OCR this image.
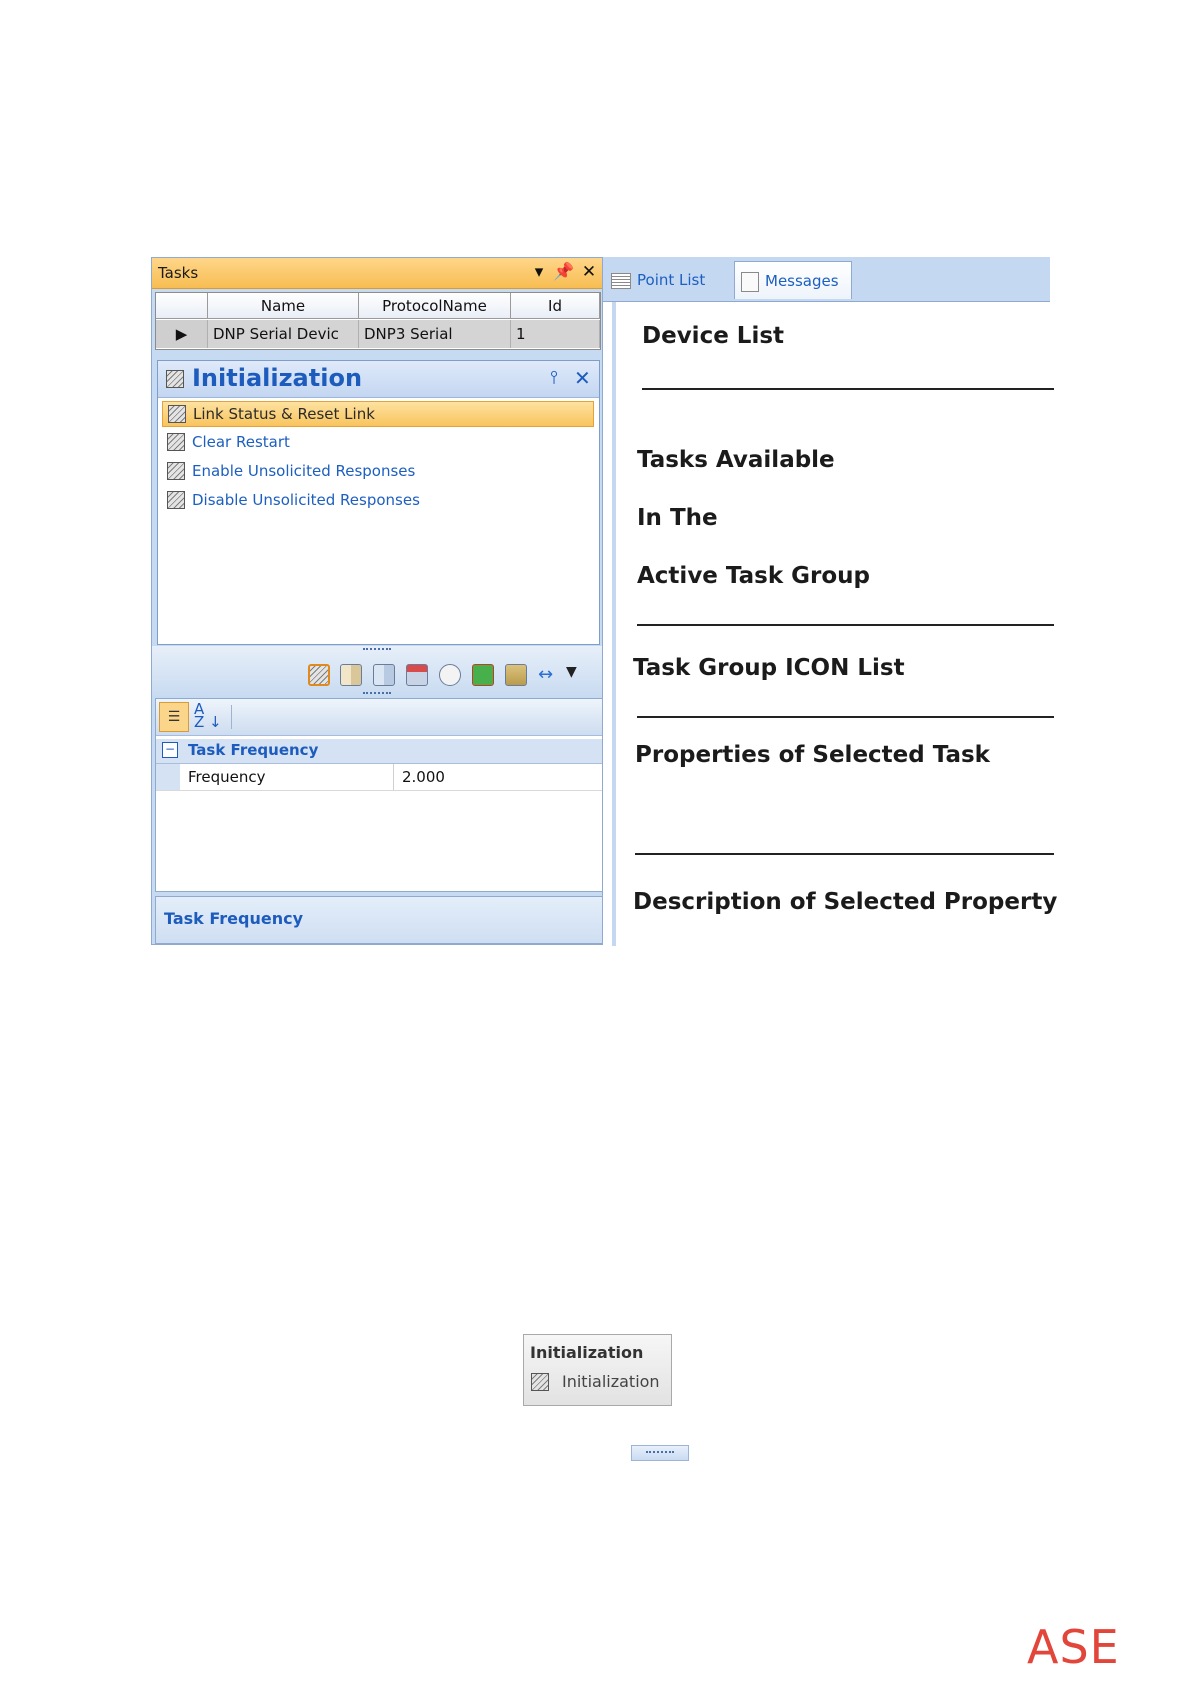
Tasks	▾ 📌 ✕
Name	ProtocolName	Id
▶	DNP Serial Devic	DNP3 Serial	1
Initialization	⫯ ✕
Link Status & Reset Link
Clear Restart
Enable Unsolicited Responses
Disable Unsolicited Responses
↔ ▼
☰ A
Z ↓
− Task Frequency
Frequency	2.000
Task Frequency
Point List	Messages
Device List
Tasks Available
In The
Active Task Group
Task Group ICON List
Properties of Selected Task
Description of Selected Property
Initialization
Initialization
ASE
